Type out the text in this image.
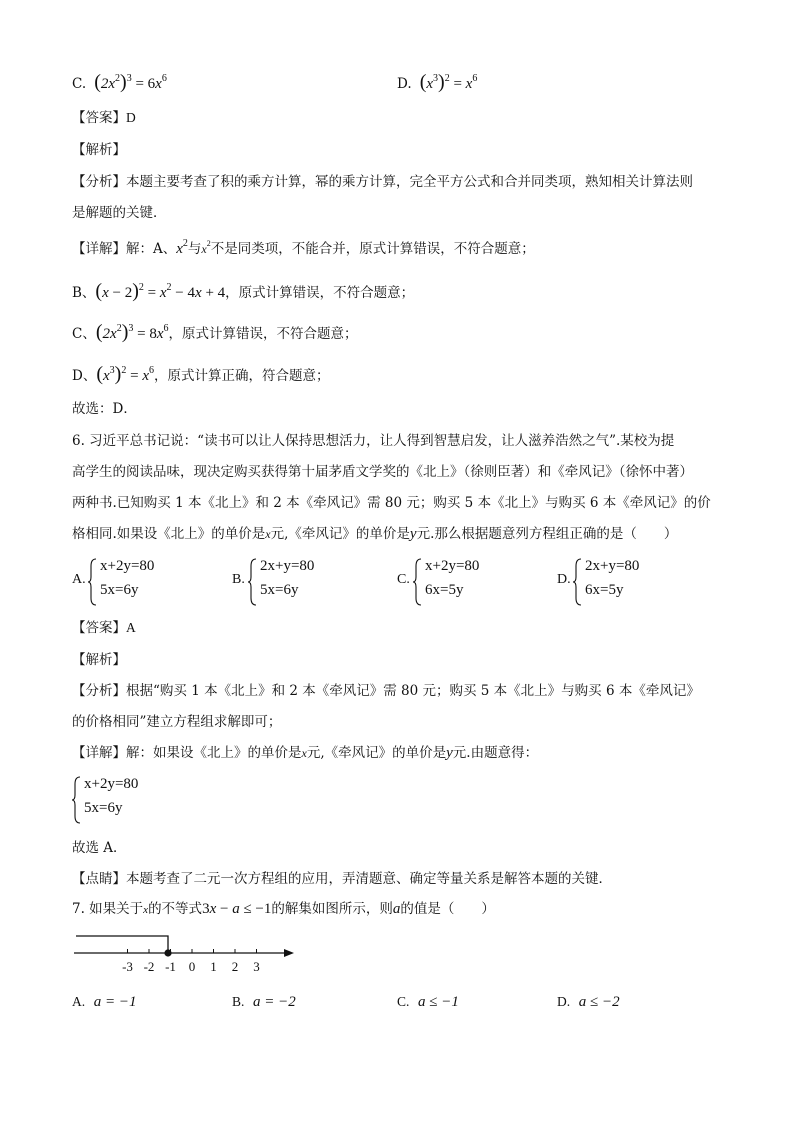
C. $(2x^2)^3 = 6x^6$	D. $(x^3)^2 = x^6$
【答案】D
【解析】
【分析】本题主要考查了积的乘方计算，幂的乘方计算，完全平方公式和合并同类项，熟知相关计算法则
是解题的关键．
【详解】解：A、$x^2$与$x^2$不是同类项，不能合并，原式计算错误，不符合题意；
B、$(x - 2)^2 = x^2 - 4x + 4$，原式计算错误，不符合题意；
C、$(2x^2)^3 = 8x^6$，原式计算错误，不符合题意；
D、$(x^3)^2 = x^6$，原式计算正确，符合题意；
故选：D．
6. 习近平总书记说：“读书可以让人保持思想活力，让人得到智慧启发，让人滋养浩然之气”.某校为提
高学生的阅读品味，现决定购买获得第十届茅盾文学奖的《北上》（徐则臣著）和《牵风记》（徐怀中著）
两种书.已知购买 1 本《北上》和 2 本《牵风记》需 80 元；购买 5 本《北上》与购买 6 本《牵风记》的价
格相同.如果设《北上》的单价是x元,《牵风记》的单价是y元.那么根据题意列方程组正确的是（　　）
A.
x+2y=80
5x=6y
B.
2x+y=80
5x=6y
C.
x+2y=80
6x=5y
D.
2x+y=80
6x=5y
【答案】A
【解析】
【分析】根据“购买 1 本《北上》和 2 本《牵风记》需 80 元；购买 5 本《北上》与购买 6 本《牵风记》
的价格相同”建立方程组求解即可；
【详解】解：如果设《北上》的单价是x元,《牵风记》的单价是y元.由题意得：
x+2y=80
5x=6y
故选 A．
【点睛】本题考查了二元一次方程组的应用，弄清题意、确定等量关系是解答本题的关键．
7. 如果关于x的不等式3x − a ≤ −1的解集如图所示，则a的值是（　　）
-3 -2 -1 0 1 2 3
A. a = −1	B. a = −2	C. a ≤ −1	D. a ≤ −2
